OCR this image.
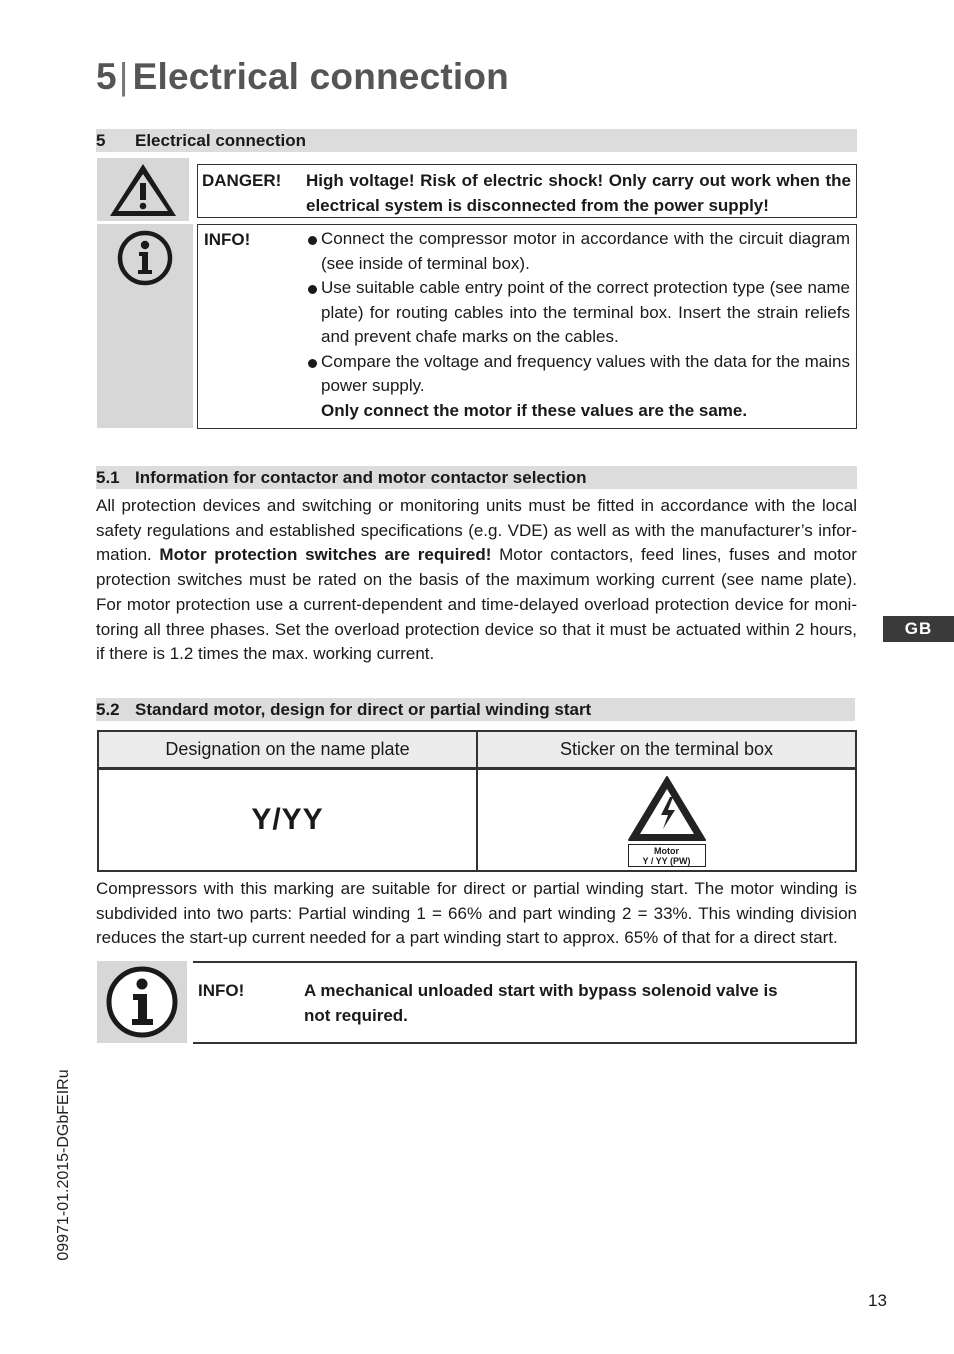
5| Electrical connection
5 Electrical connection
DANGER! High voltage! Risk of electric shock! Only carry out work when the electrical system is disconnected from the power supply!
INFO!	Connect the compressor motor in accordance with the circuit diagram (see inside of terminal box).
Use suitable cable entry point of the correct protection type (see name plate) for routing cables into the terminal box. Insert the strain reliefs and prevent chafe marks on the cables.
Compare the voltage and frequency values with the data for the mains power supply.
Only connect the motor if these values are the same.
5.1 Information for contactor and motor contactor selection

All protection devices and switching or monitoring units must be fitted in accordance with the local safety regulations and established specifications (e.g. VDE) as well as with the manufacturer’s infor-mation. Motor protection switches are required! Motor contactors, feed lines, fuses and motor protection switches must be rated on the basis of the maximum working current (see name plate). For motor protection use a current-dependent and time-delayed overload protection device for moni-toring all three phases. Set the overload protection device so that it must be actuated within 2 hours, if there is 1.2 times the max. working current.

GB
5.2 Standard motor, design for direct or partial winding start
Designation on the name plate	Sticker on the terminal box
Y/YY	Motor
Y / YY (PW)

Compressors with this marking are suitable for direct or partial winding start. The motor winding is subdivided into two parts: Partial winding 1 = 66% and part winding 2 = 33%. This winding division reduces the start-up current needed for a part winding start to approx. 65% of that for a direct start.

INFO!	A mechanical unloaded start with bypass solenoid valve is not required.
09971-01.2015-DGbFEIRu
13
